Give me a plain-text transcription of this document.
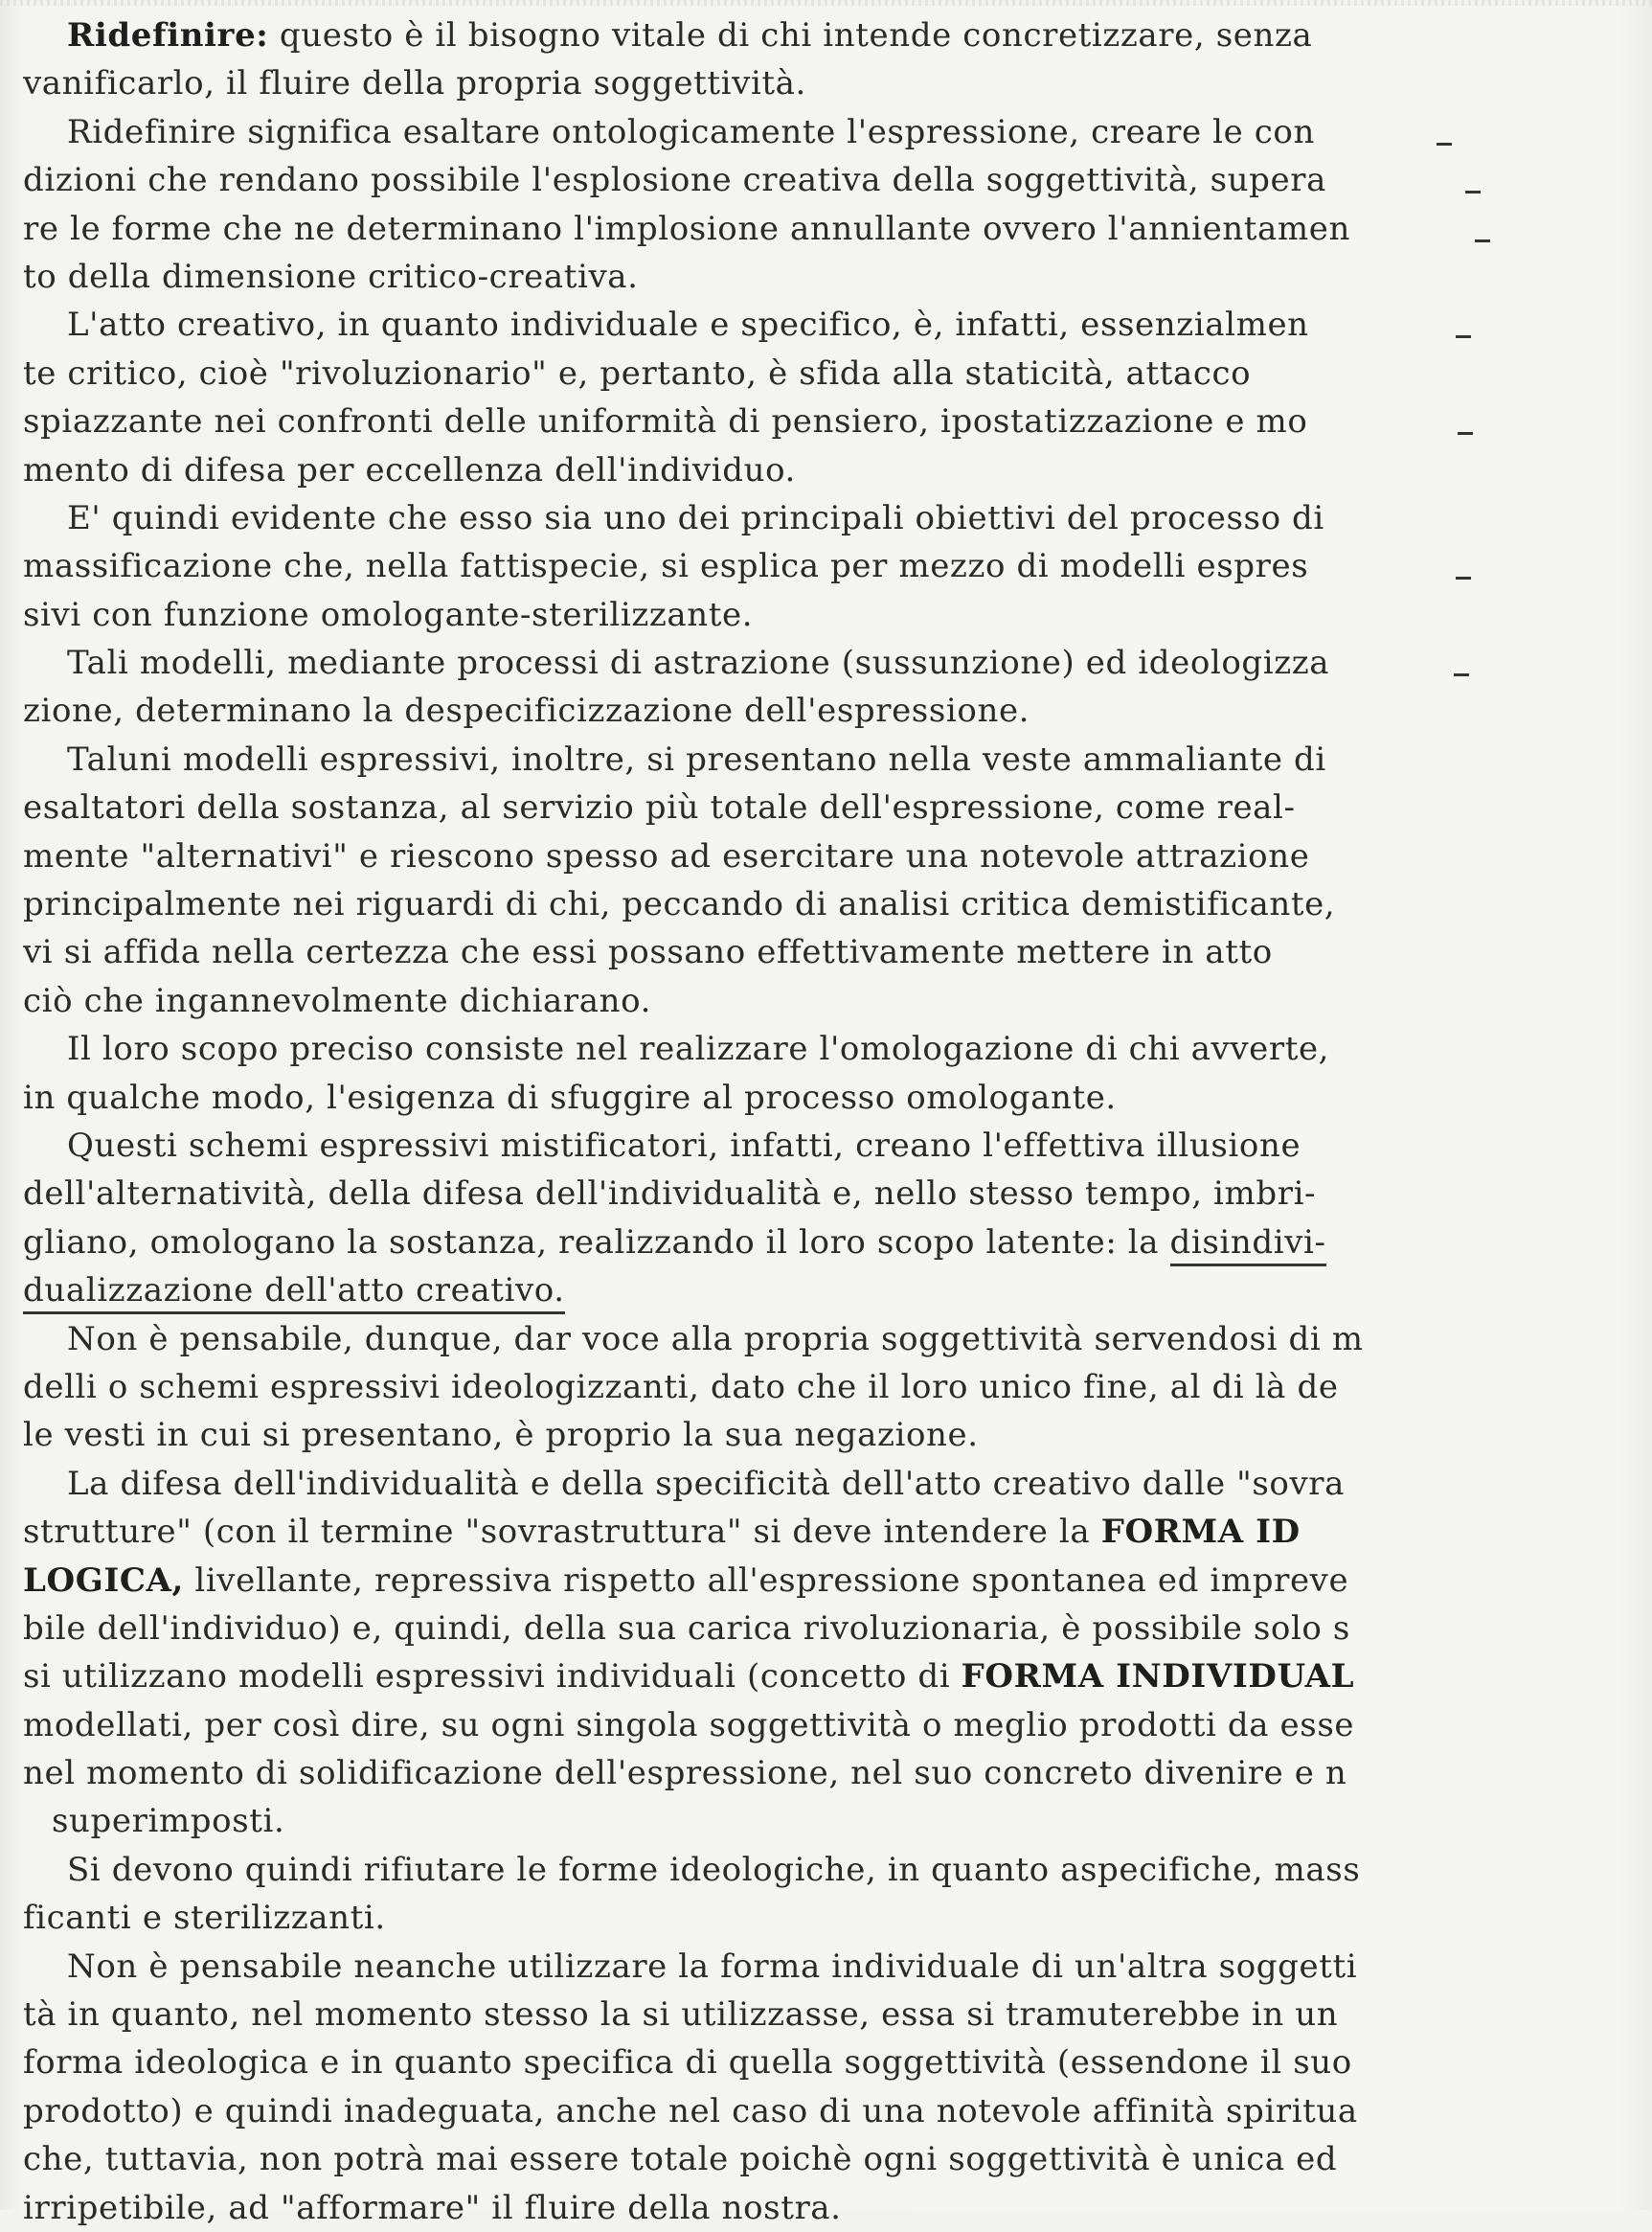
Ridefinire: questo è il bisogno vitale di chi intende concretizzare, senza
vanificarlo, il fluire della propria soggettività.
Ridefinire significa esaltare ontologicamente l'espressione, creare le con
dizioni che rendano possibile l'esplosione creativa della soggettività, supera
re le forme che ne determinano l'implosione annullante ovvero l'annientamen
to della dimensione critico-creativa.
L'atto creativo, in quanto individuale e specifico, è, infatti, essenzialmen
te critico, cioè "rivoluzionario" e, pertanto, è sfida alla staticità, attacco
spiazzante nei confronti delle uniformità di pensiero, ipostatizzazione e mo
mento di difesa per eccellenza dell'individuo.
E' quindi evidente che esso sia uno dei principali obiettivi del processo di
massificazione che, nella fattispecie, si esplica per mezzo di modelli espres
sivi con funzione omologante-sterilizzante.
Tali modelli, mediante processi di astrazione (sussunzione) ed ideologizza
zione, determinano la despecificizzazione dell'espressione.
Taluni modelli espressivi, inoltre, si presentano nella veste ammaliante di
esaltatori della sostanza, al servizio più totale dell'espressione, come real-
mente "alternativi" e riescono spesso ad esercitare una notevole attrazione
principalmente nei riguardi di chi, peccando di analisi critica demistificante,
vi si affida nella certezza che essi possano effettivamente mettere in atto
ciò che ingannevolmente dichiarano.
Il loro scopo preciso consiste nel realizzare l'omologazione di chi avverte,
in qualche modo, l'esigenza di sfuggire al processo omologante.
Questi schemi espressivi mistificatori, infatti, creano l'effettiva illusione
dell'alternatività, della difesa dell'individualità e, nello stesso tempo, imbri-
gliano, omologano la sostanza, realizzando il loro scopo latente: la disindivi-
dualizzazione dell'atto creativo.
Non è pensabile, dunque, dar voce alla propria soggettività servendosi di m
delli o schemi espressivi ideologizzanti, dato che il loro unico fine, al di là de
le vesti in cui si presentano, è proprio la sua negazione.
La difesa dell'individualità e della specificità dell'atto creativo dalle "sovra
strutture" (con il termine "sovrastruttura" si deve intendere la FORMA ID
LOGICA, livellante, repressiva rispetto all'espressione spontanea ed impreve
bile dell'individuo) e, quindi, della sua carica rivoluzionaria, è possibile solo s
si utilizzano modelli espressivi individuali (concetto di FORMA INDIVIDUAL
modellati, per così dire, su ogni singola soggettività o meglio prodotti da esse
nel momento di solidificazione dell'espressione, nel suo concreto divenire e n
superimposti.
Si devono quindi rifiutare le forme ideologiche, in quanto aspecifiche, mass
ficanti e sterilizzanti.
Non è pensabile neanche utilizzare la forma individuale di un'altra soggetti
tà in quanto, nel momento stesso la si utilizzasse, essa si tramuterebbe in un
forma ideologica e in quanto specifica di quella soggettività (essendone il suo
prodotto) e quindi inadeguata, anche nel caso di una notevole affinità spiritua
che, tuttavia, non potrà mai essere totale poichè ogni soggettività è unica ed
irripetibile, ad "afformare" il fluire della nostra.
